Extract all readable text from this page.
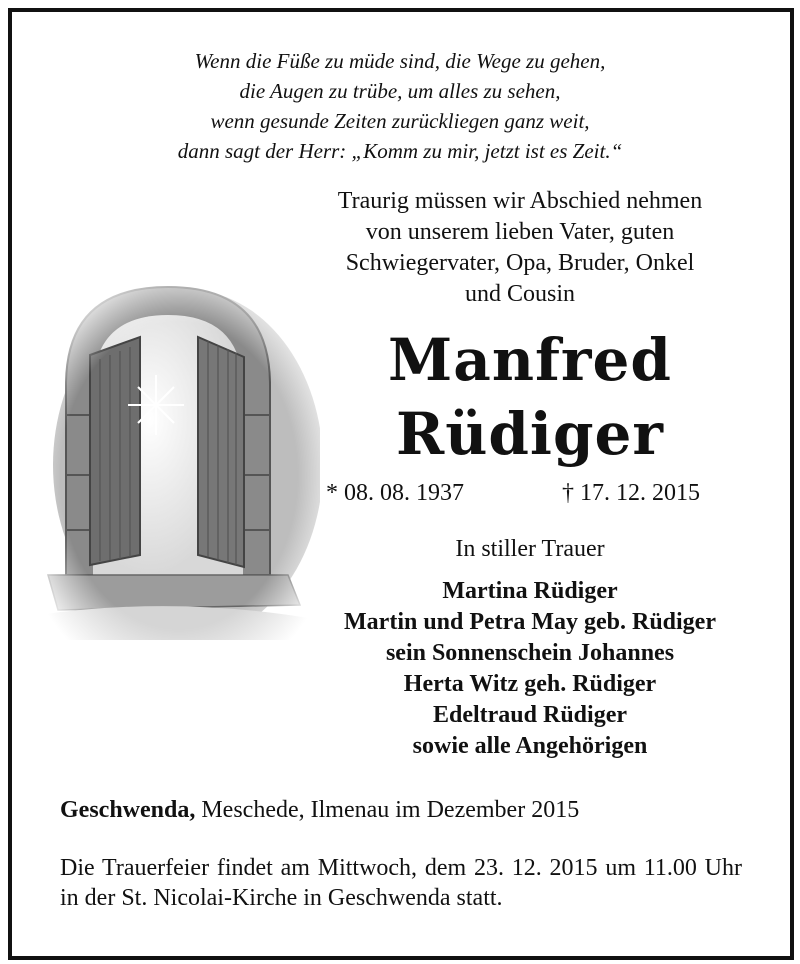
Wenn die Füße zu müde sind, die Wege zu gehen,
die Augen zu trübe, um alles zu sehen,
wenn gesunde Zeiten zurückliegen ganz weit,
dann sagt der Herr: „Komm zu mir, jetzt ist es Zeit.“
Traurig müssen wir Abschied nehmen
von unserem lieben Vater, guten
Schwiegervater, Opa, Bruder, Onkel
und Cousin
Manfred
Rüdiger
* 08. 08. 1937	† 17. 12. 2015
In stiller Trauer
Martina Rüdiger
Martin und Petra May geb. Rüdiger
sein Sonnenschein Johannes
Herta Witz geh. Rüdiger
Edeltraud Rüdiger
sowie alle Angehörigen
Geschwenda, Meschede, Ilmenau im Dezember 2015
Die Trauerfeier findet am Mittwoch, dem 23. 12. 2015 um 11.00 Uhr in der St. Nicolai-Kirche in Geschwenda statt.
